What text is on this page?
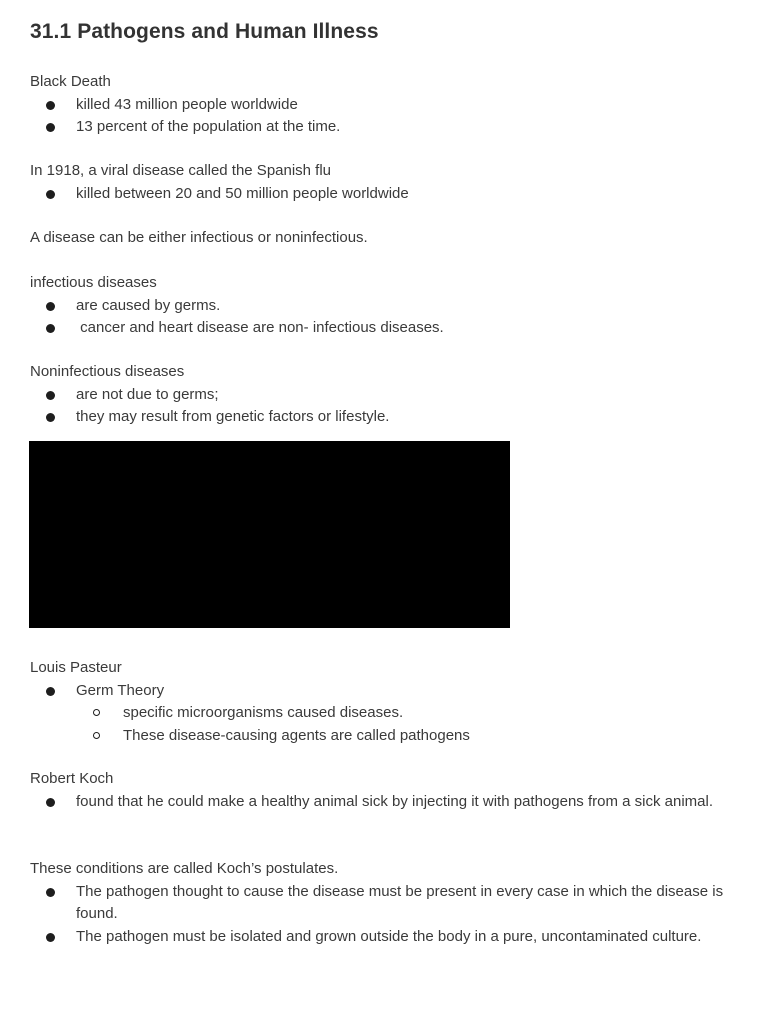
31.1 Pathogens and Human Illness

Black Death

killed 43 million people worldwide
13 percent of the population at the time.

In 1918, a viral disease called the Spanish flu

killed between 20 and 50 million people worldwide

A disease can be either infectious or noninfectious.

infectious diseases

are caused by germs.
cancer and heart disease are non- infectious diseases.

Noninfectious diseases

are not due to germs;
they may result from genetic factors or lifestyle.

Louis Pasteur

Germ Theory
specific microorganisms caused diseases.
These disease-causing agents are called pathogens

Robert Koch

found that he could make a healthy animal sick by injecting it with pathogens from a sick animal.

These conditions are called Koch’s postulates.

The pathogen thought to cause the disease must be present in every case in which the disease is found.
The pathogen must be isolated and grown outside the body in a pure, uncontaminated culture.
